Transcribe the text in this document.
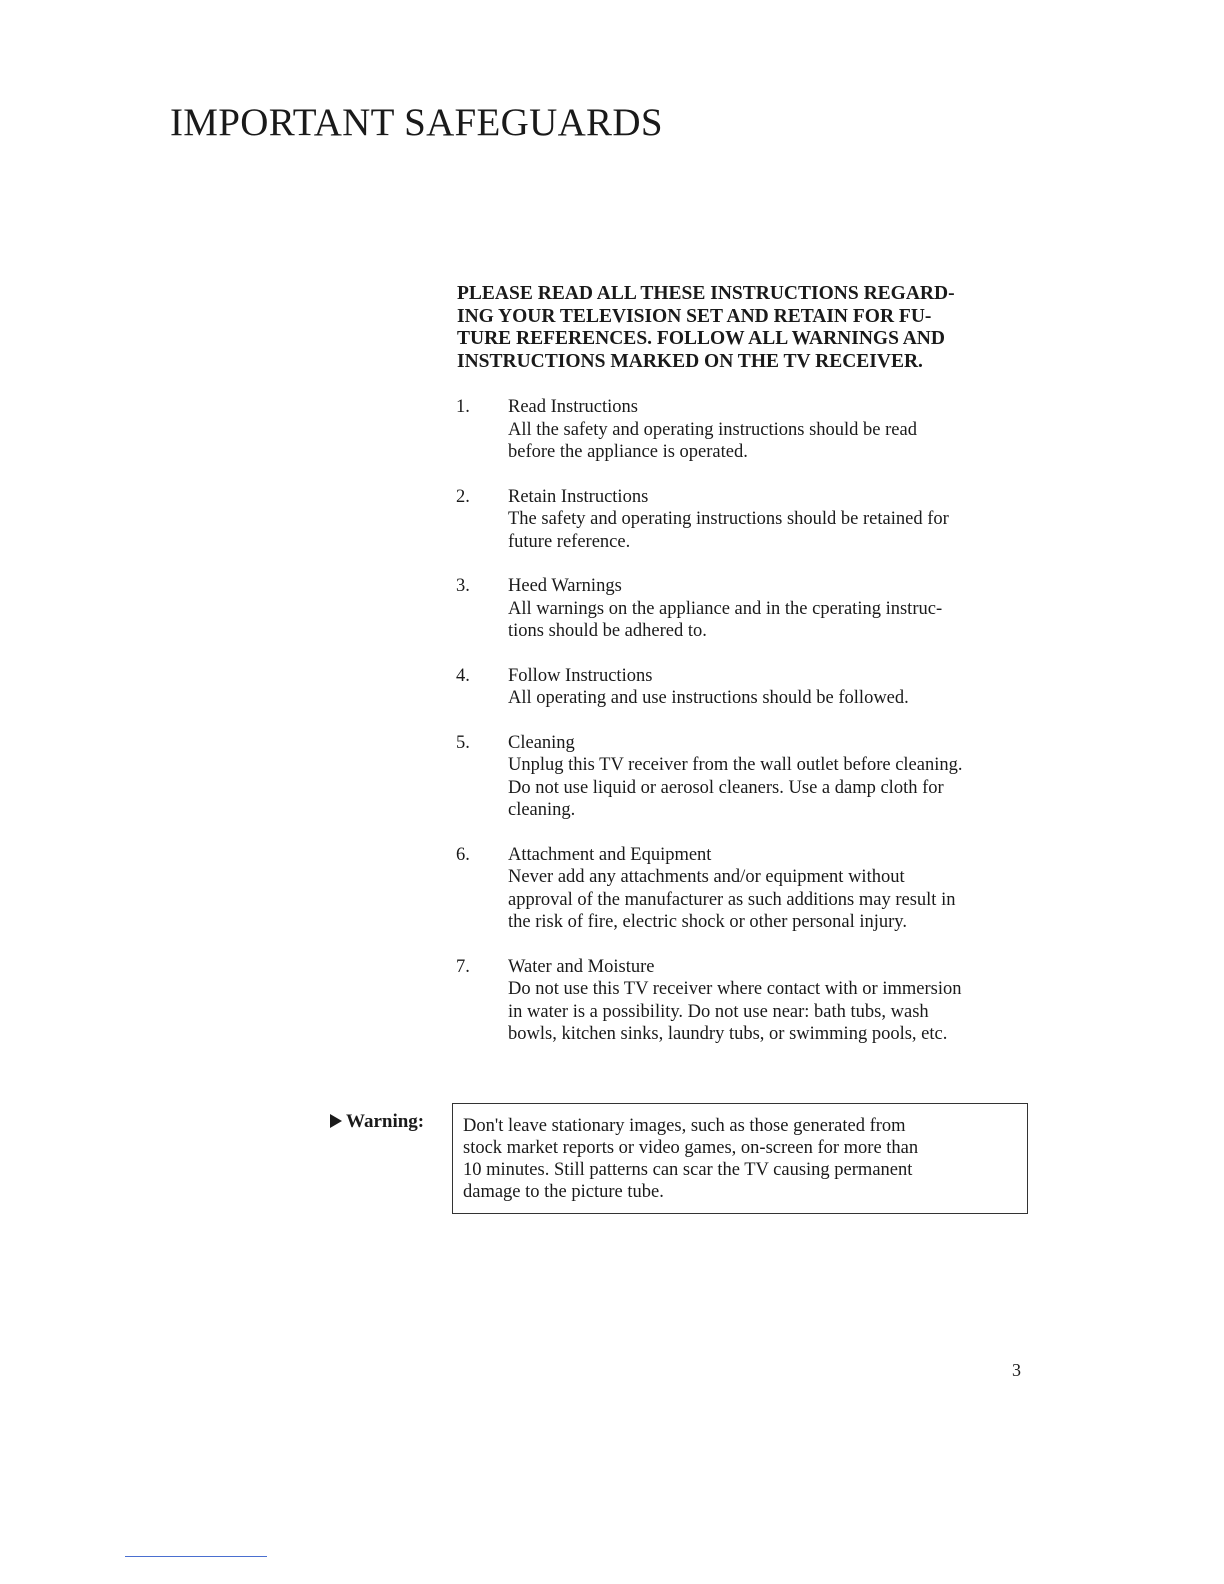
IMPORTANT SAFEGUARDS

PLEASE READ ALL THESE INSTRUCTIONS REGARD-
ING YOUR TELEVISION SET AND RETAIN FOR FU-
TURE REFERENCES. FOLLOW ALL WARNINGS AND
INSTRUCTIONS MARKED ON THE TV RECEIVER.

1. Read Instructions
All the safety and operating instructions should be read
before the appliance is operated.
2. Retain Instructions
The safety and operating instructions should be retained for
future reference.
3. Heed Warnings
All warnings on the appliance and in the cperating instruc-
tions should be adhered to.
4. Follow Instructions
All operating and use instructions should be followed.
5. Cleaning
Unplug this TV receiver from the wall outlet before cleaning.
Do not use liquid or aerosol cleaners. Use a damp cloth for
cleaning.
6. Attachment and Equipment
Never add any attachments and/or equipment without
approval of the manufacturer as such additions may result in
the risk of fire, electric shock or other personal injury.
7. Water and Moisture
Do not use this TV receiver where contact with or immersion
in water is a possibility. Do not use near: bath tubs, wash
bowls, kitchen sinks, laundry tubs, or swimming pools, etc.
Warning: Don't leave stationary images, such as those generated from
stock market reports or video games, on-screen for more than
10 minutes. Still patterns can scar the TV causing permanent
damage to the picture tube.
3
